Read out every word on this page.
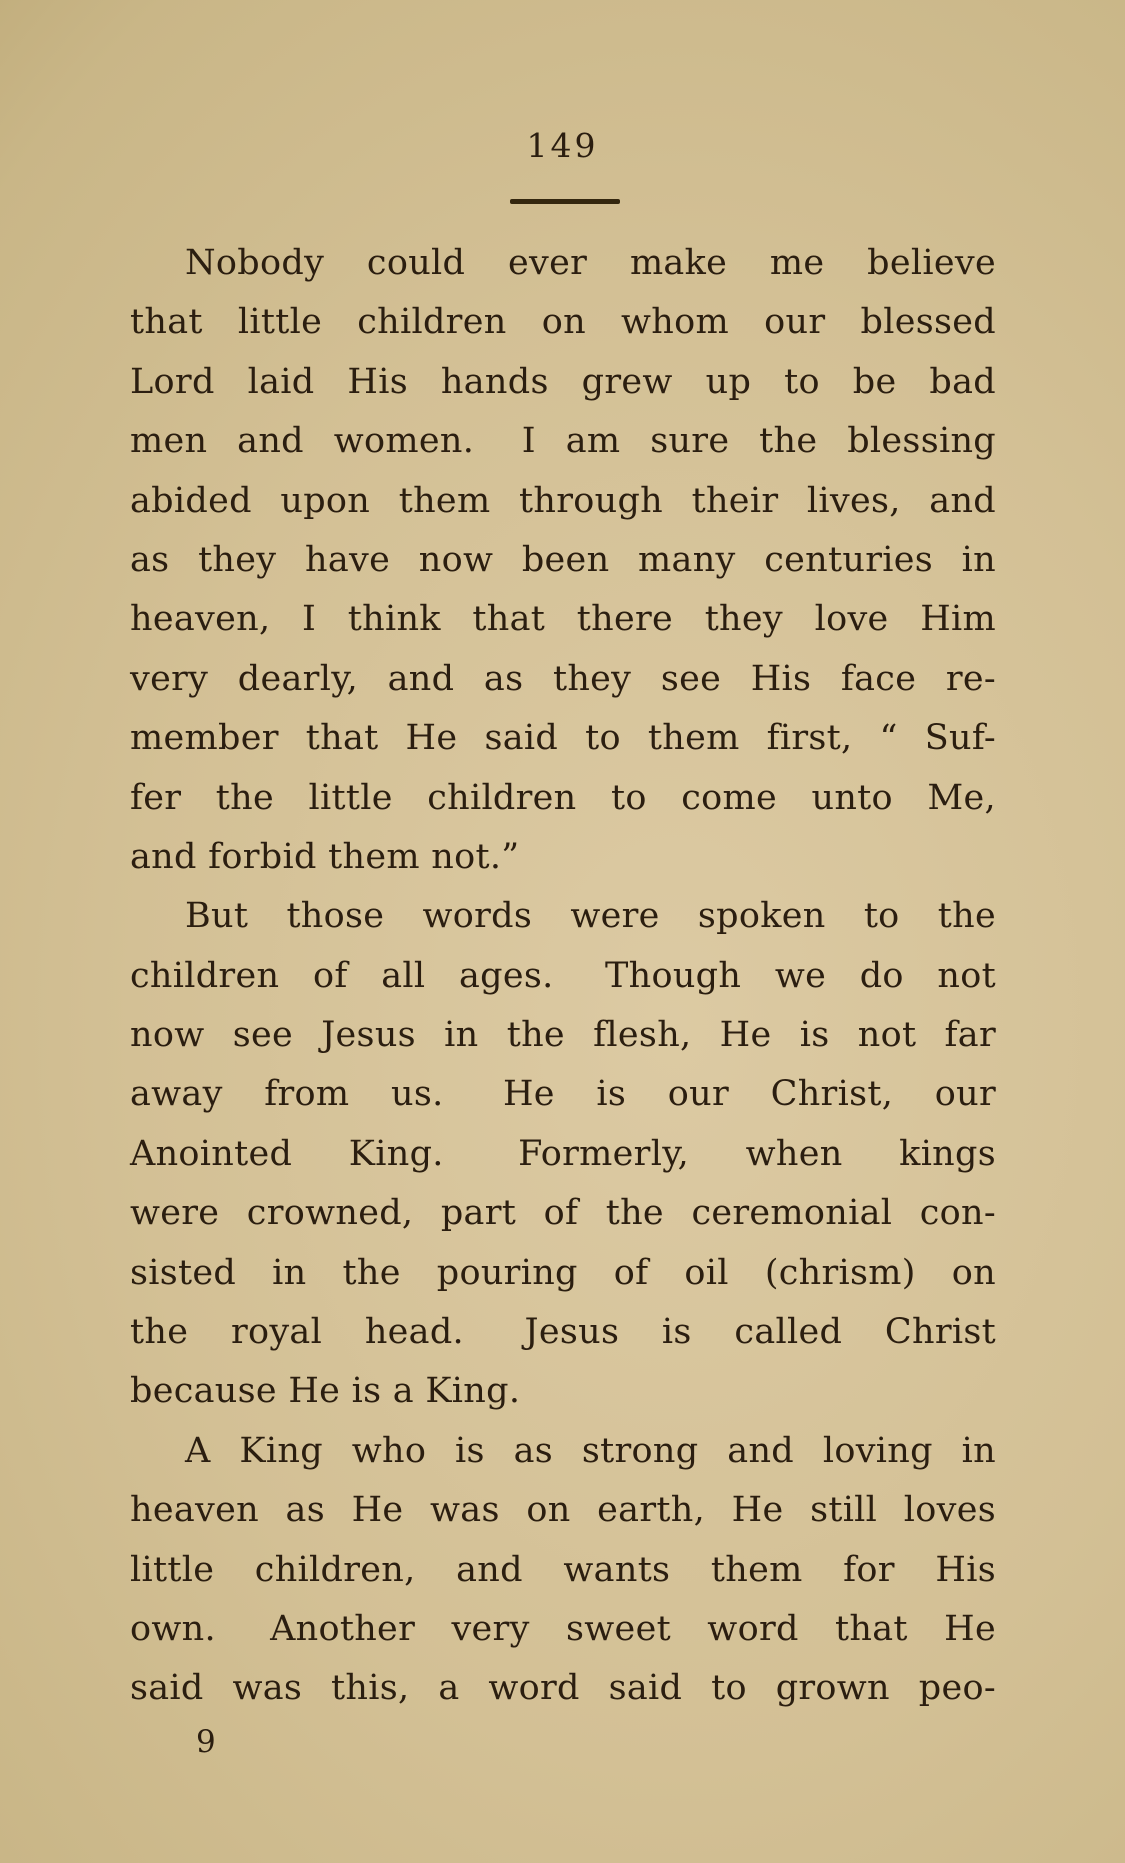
149
Nobody could ever make me believe
that little children on whom our blessed
Lord laid His hands grew up to be bad
men and women.  I am sure the blessing
abided upon them through their lives, and
as they have now been many centuries in
heaven, I think that there they love Him
very dearly, and as they see His face re-
member that He said to them first, “ Suf-
fer the little children to come unto Me,
and forbid them not.”
But those words were spoken to the
children of all ages.  Though we do not
now see Jesus in the flesh, He is not far
away from us.  He is our Christ, our
Anointed King.  Formerly, when kings
were crowned, part of the ceremonial con-
sisted in the pouring of oil (chrism) on
the royal head.  Jesus is called Christ
because He is a King.
A King who is as strong and loving in
heaven as He was on earth, He still loves
little children, and wants them for His
own.  Another very sweet word that He
said was this, a word said to grown peo-
9
